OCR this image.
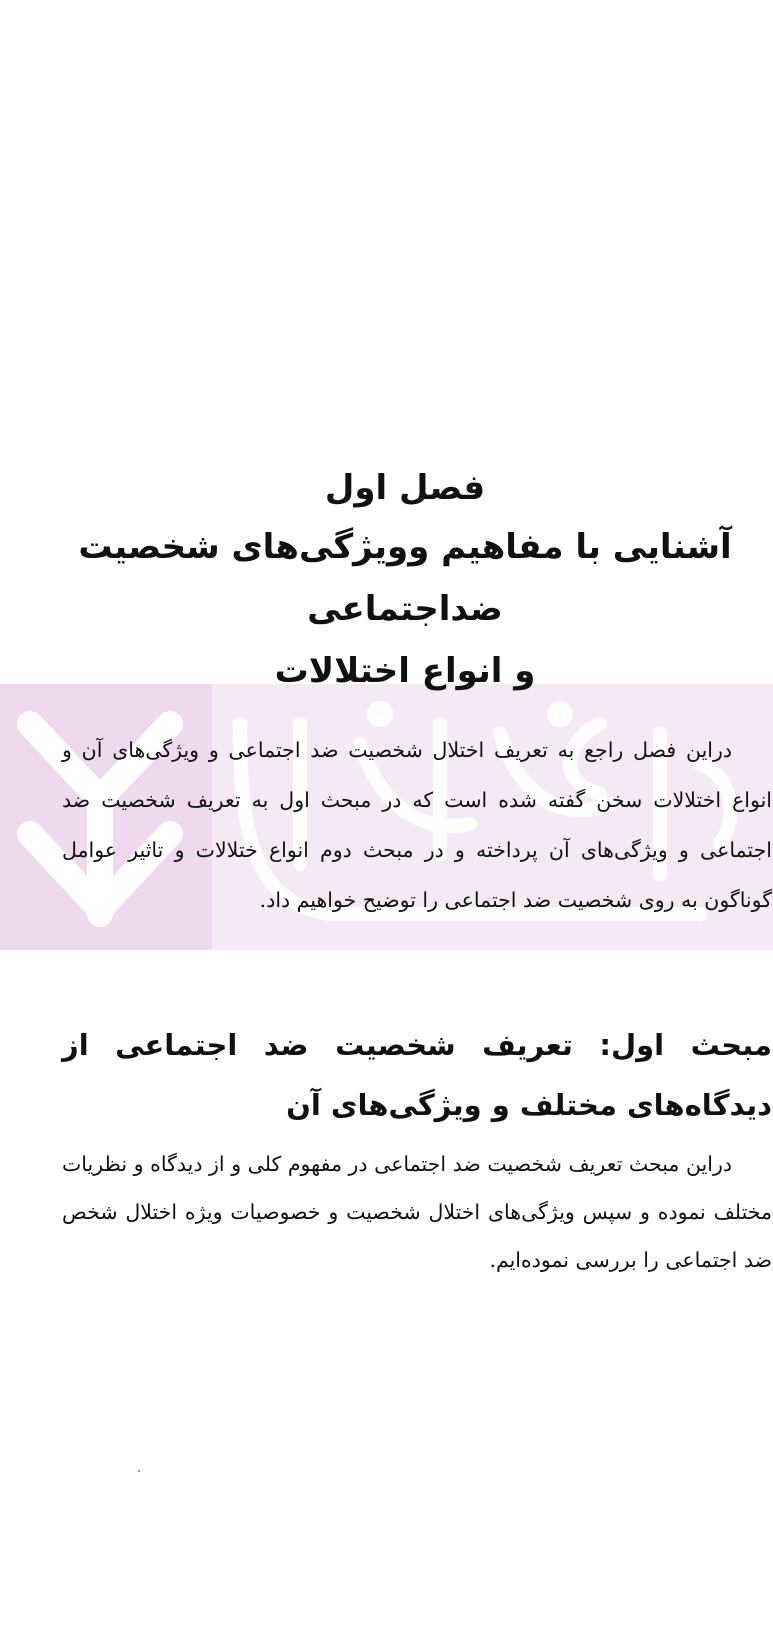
فصل اول

آشنایی با مفاهیم وویژگی‌های شخصیت ضداجتماعی

و انواع اختلالات

دراین فصل راجع به تعریف اختلال شخصیت ضد اجتماعی و ویژگی‌های آن و انواع اختلالات سخن گفته شده است که در مبحث اول به تعریف شخصیت ضد اجتماعی و ویژگی‌های آن پرداخته و در مبحث دوم انواع ختلالات و تاثیر عوامل گوناگون به روی شخصیت ضد اجتماعی را توضیح خواهیم داد.

مبحث اول: تعریف شخصیت ضد اجتماعی از دیدگاه‌های مختلف و ویژگی‌های آن

دراین مبحث تعریف شخصیت ضد اجتماعی در مفهوم کلی و از دیدگاه و نظریات مختلف نموده و سپس ویژگی‌های اختلال شخصیت و خصوصیات ویژه اختلال شخص ضد اجتماعی را بررسی نموده‌ایم.
